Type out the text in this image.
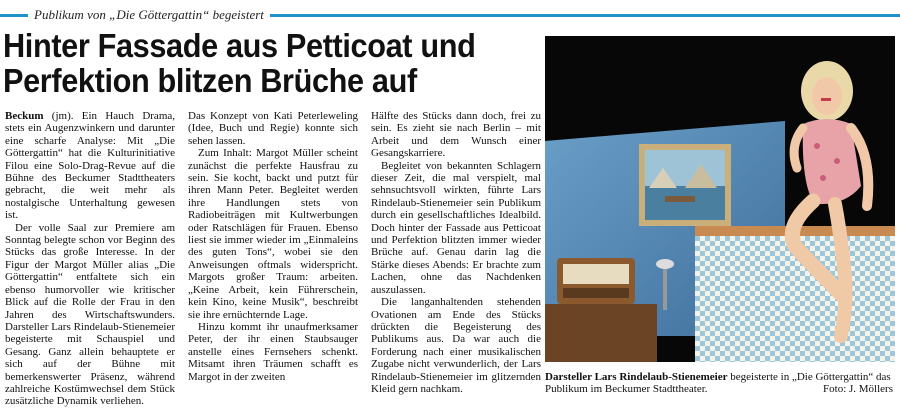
Publikum von „Die Göttergattin“ begeistert
Hinter Fassade aus Petticoat und
Perfektion blitzen Brüche auf

Beckum (jm). Ein Hauch Drama, stets ein Augenzwinkern und darunter eine scharfe Analyse: Mit „Die Göttergattin“ hat die Kulturinitiative Filou eine Solo-Drag-Revue auf die Bühne des Beckumer Stadttheaters gebracht, die weit mehr als nostalgische Unterhaltung gewesen ist.

Der volle Saal zur Premiere am Sonntag belegte schon vor Beginn des Stücks das große Interesse. In der Figur der Margot Müller alias „Die Göttergattin“ entfaltete sich ein ebenso humorvoller wie kritischer Blick auf die Rolle der Frau in den Jahren des Wirtschaftswunders. Darsteller Lars Rindelaub-Stienemeier begeisterte mit Schauspiel und Gesang. Ganz allein behauptete er sich auf der Bühne mit bemerkenswerter Präsenz, während zahlreiche Kostümwechsel dem Stück zusätzliche Dynamik verliehen.

Das Konzept von Kati Peterleweling (Idee, Buch und Regie) konnte sich sehen lassen.

Zum Inhalt: Margot Müller scheint zunächst die perfekte Hausfrau zu sein. Sie kocht, backt und putzt für ihren Mann Peter. Begleitet werden ihre Handlungen stets von Radiobeiträgen mit Kultwerbungen oder Ratschlägen für Frauen. Ebenso liest sie immer wieder im „Einmaleins des guten Tons“, wobei sie den Anweisungen oftmals widerspricht. Margots großer Traum: arbeiten. „Keine Arbeit, kein Führerschein, kein Kino, keine Musik“, beschreibt sie ihre ernüchternde Lage.

Hinzu kommt ihr unaufmerksamer Peter, der ihr einen Staubsauger anstelle eines Fernsehers schenkt. Mitsamt ihren Träumen schafft es Margot in der zweiten

Hälfte des Stücks dann doch, frei zu sein. Es zieht sie nach Berlin – mit Arbeit und dem Wunsch einer Gesangskarriere.

Begleitet von bekannten Schlagern dieser Zeit, die mal verspielt, mal sehnsuchtsvoll wirkten, führte Lars Rindelaub-Stienemeier sein Publikum durch ein gesellschaftliches Idealbild. Doch hinter der Fassade aus Petticoat und Perfektion blitzten immer wieder Brüche auf. Genau darin lag die Stärke dieses Abends: Er brachte zum Lachen, ohne das Nachdenken auszulassen.

Die langanhaltenden stehenden Ovationen am Ende des Stücks drückten die Begeisterung des Publikums aus. Da war auch die Forderung nach einer musikalischen Zugabe nicht verwunderlich, der Lars Rindelaub-Stienemeier im glitzernden Kleid gern nachkam.

Darsteller Lars Rindelaub-Stienemeier begeisterte in „Die Göttergattin“ das Publikum im Beckumer Stadttheater.	Foto: J. Möllers
